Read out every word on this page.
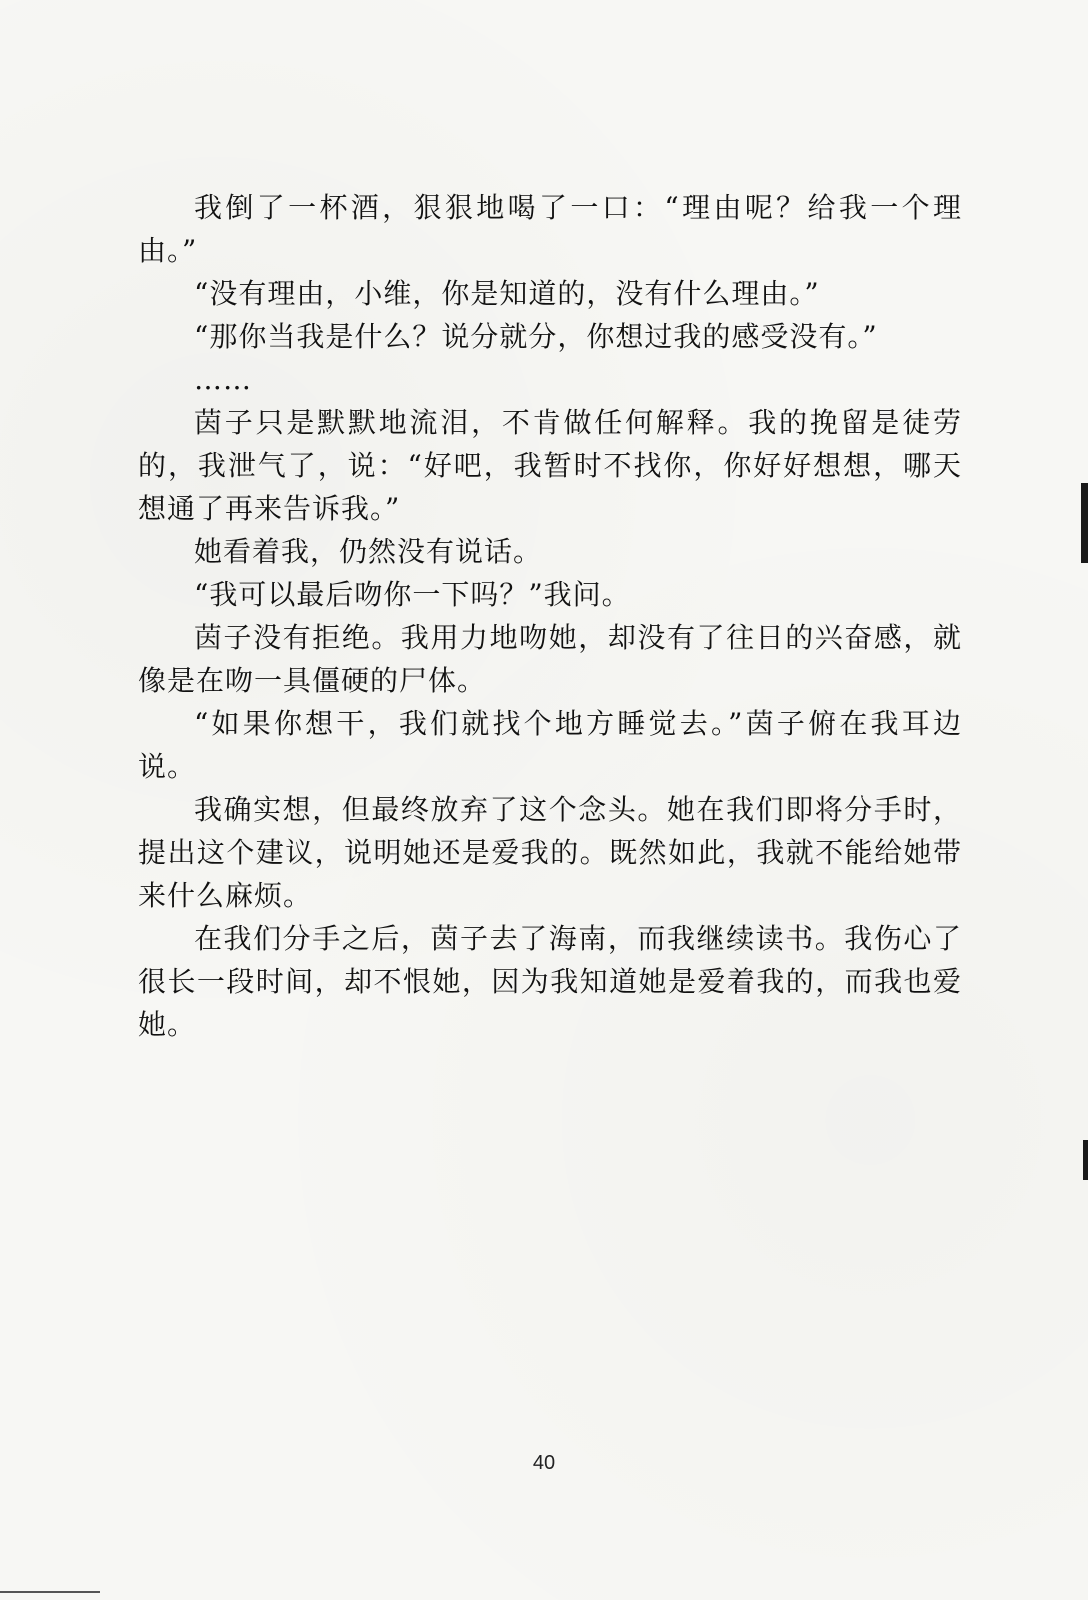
我倒了一杯酒，狠狠地喝了一口：“理由呢？给我一个理由。”

“没有理由，小维，你是知道的，没有什么理由。”

“那你当我是什么？说分就分，你想过我的感受没有。”

……

茵子只是默默地流泪，不肯做任何解释。我的挽留是徒劳的，我泄气了，说：“好吧，我暂时不找你，你好好想想，哪天想通了再来告诉我。”

她看着我，仍然没有说话。

“我可以最后吻你一下吗？”我问。

茵子没有拒绝。我用力地吻她，却没有了往日的兴奋感，就像是在吻一具僵硬的尸体。

“如果你想干，我们就找个地方睡觉去。”茵子俯在我耳边说。

我确实想，但最终放弃了这个念头。她在我们即将分手时，提出这个建议，说明她还是爱我的。既然如此，我就不能给她带来什么麻烦。

在我们分手之后，茵子去了海南，而我继续读书。我伤心了很长一段时间，却不恨她，因为我知道她是爱着我的，而我也爱她。

40
